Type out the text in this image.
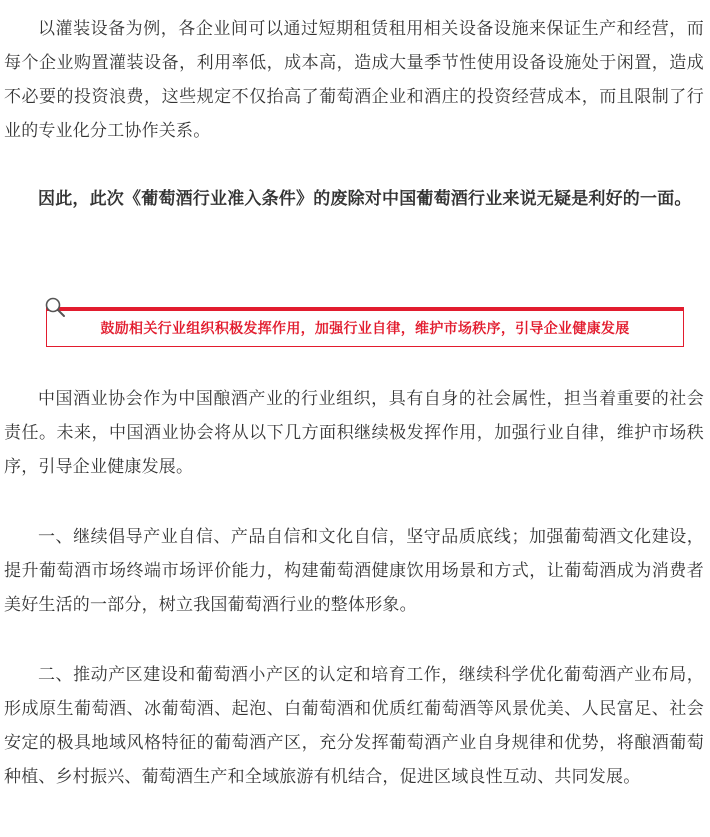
以灌装设备为例，各企业间可以通过短期租赁租用相关设备设施来保证生产和经营，而每个企业购置灌装设备，利用率低，成本高，造成大量季节性使用设备设施处于闲置，造成不必要的投资浪费，这些规定不仅抬高了葡萄酒企业和酒庄的投资经营成本，而且限制了行业的专业化分工协作关系。

因此，此次《葡萄酒行业准入条件》的废除对中国葡萄酒行业来说无疑是利好的一面。

鼓励相关行业组织积极发挥作用，加强行业自律，维护市场秩序，引导企业健康发展

中国酒业协会作为中国酿酒产业的行业组织，具有自身的社会属性，担当着重要的社会责任。未来，中国酒业协会将从以下几方面积继续极发挥作用，加强行业自律，维护市场秩序，引导企业健康发展。

一、继续倡导产业自信、产品自信和文化自信，坚守品质底线；加强葡萄酒文化建设，提升葡萄酒市场终端市场评价能力，构建葡萄酒健康饮用场景和方式，让葡萄酒成为消费者美好生活的一部分，树立我国葡萄酒行业的整体形象。

二、推动产区建设和葡萄酒小产区的认定和培育工作，继续科学优化葡萄酒产业布局，形成原生葡萄酒、冰葡萄酒、起泡、白葡萄酒和优质红葡萄酒等风景优美、人民富足、社会安定的极具地域风格特征的葡萄酒产区，充分发挥葡萄酒产业自身规律和优势，将酿酒葡萄种植、乡村振兴、葡萄酒生产和全域旅游有机结合，促进区域良性互动、共同发展。
